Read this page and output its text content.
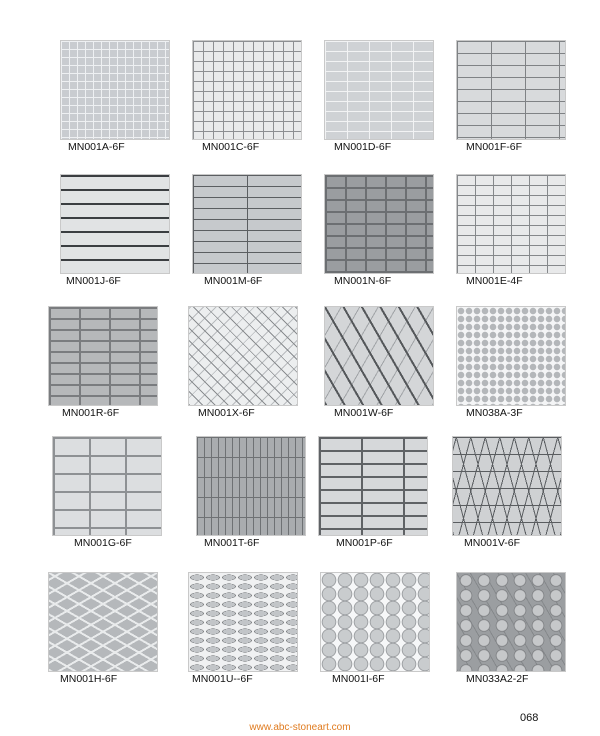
MN001A-6F	MN001C-6F	MN001D-6F	MN001F-6F
MN001J-6F	MN001M-6F	MN001N-6F	MN001E-4F
MN001R-6F	MN001X-6F	MN001W-6F	MN038A-3F
MN001G-6F	MN001T-6F	MN001P-6F	MN001V-6F
MN001H-6F	MN001U--6F	MN001I-6F	MN033A2-2F
068
www.abc-stoneart.com
